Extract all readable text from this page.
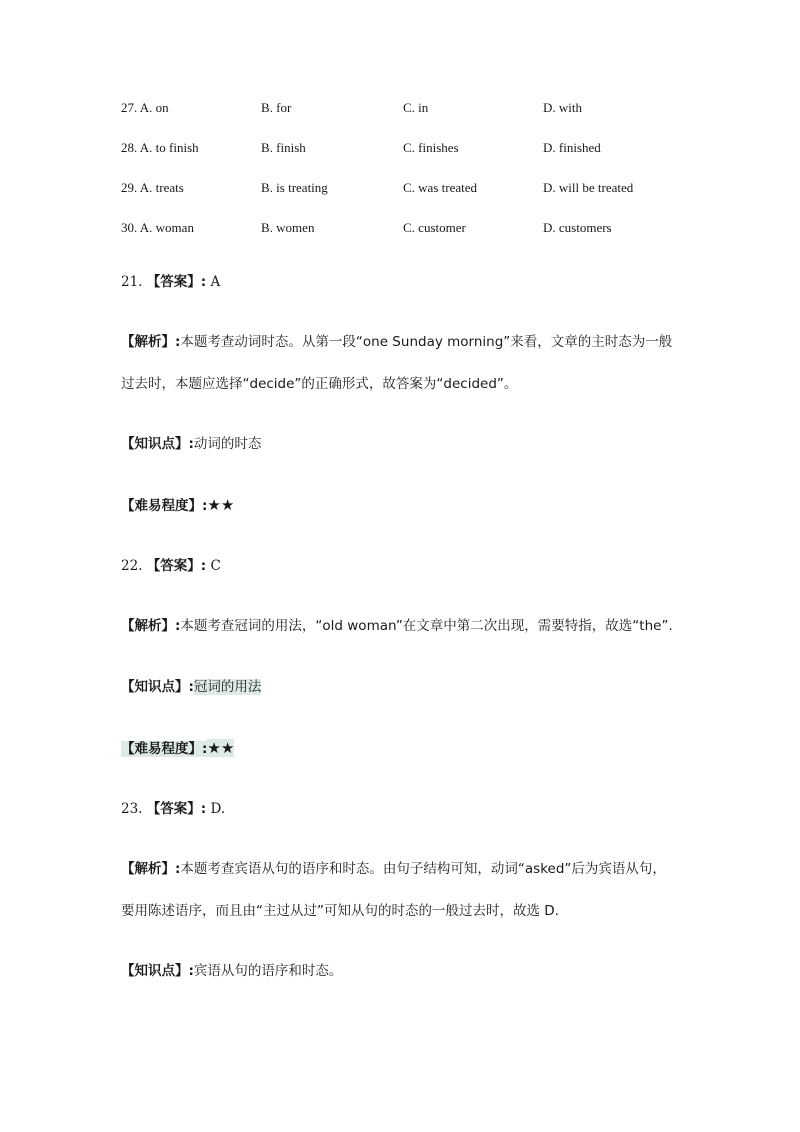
27. A. on	B. for	C. in	D. with
28. A. to finish	B. finish	C. finishes	D. finished
29. A. treats	B. is treating	C. was treated	D. will be treated
30. A. woman	B. women	C. customer	D. customers
21. 【答案】: A
【解析】:本题考查动词时态。从第一段“one Sunday morning”来看，文章的主时态为一般
过去时，本题应选择“decide”的正确形式，故答案为“decided”。
【知识点】:动词的时态
【难易程度】:★★
22. 【答案】: C
【解析】:本题考查冠词的用法，“old woman”在文章中第二次出现，需要特指，故选“the”.
【知识点】:冠词的用法
【难易程度】:★★
23. 【答案】: D.
【解析】:本题考查宾语从句的语序和时态。由句子结构可知，动词“asked”后为宾语从句，
要用陈述语序，而且由“主过从过”可知从句的时态的一般过去时，故选 D.
【知识点】:宾语从句的语序和时态。
